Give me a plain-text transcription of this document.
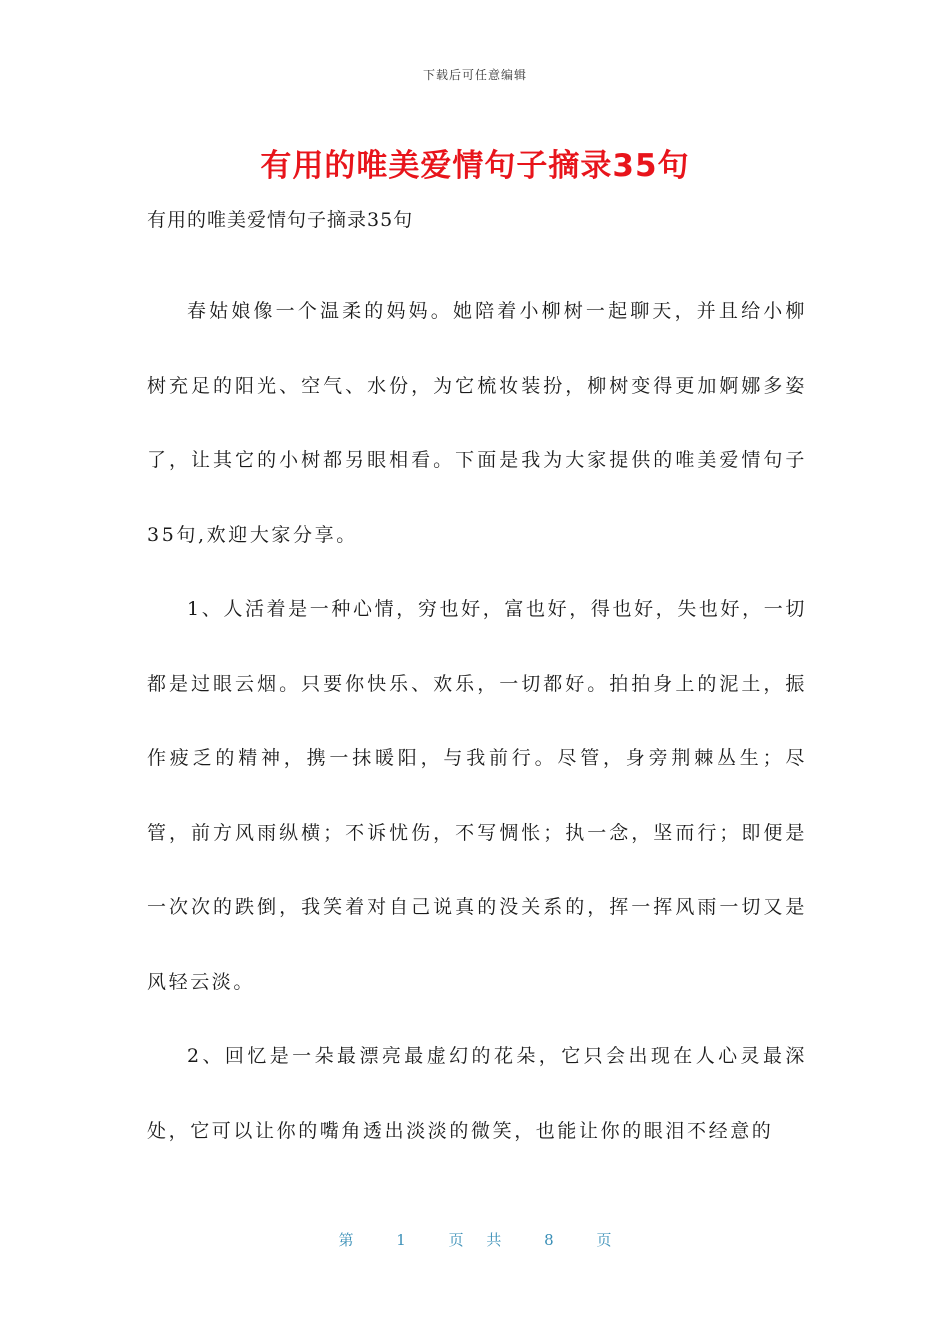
下载后可任意编辑
有用的唯美爱情句子摘录35句

有用的唯美爱情句子摘录35句

春姑娘像一个温柔的妈妈。她陪着小柳树一起聊天，并且给小柳树充足的阳光、空气、水份，为它梳妆装扮，柳树变得更加婀娜多姿了，让其它的小树都另眼相看。下面是我为大家提供的唯美爱情句子35句,欢迎大家分享。

1、人活着是一种心情，穷也好，富也好，得也好，失也好，一切都是过眼云烟。只要你快乐、欢乐，一切都好。拍拍身上的泥土，振作疲乏的精神，携一抹暖阳，与我前行。尽管，身旁荆棘丛生；尽管，前方风雨纵横；不诉忧伤，不写惆怅；执一念，坚而行；即便是一次次的跌倒，我笑着对自己说真的没关系的，挥一挥风雨一切又是风轻云淡。

2、回忆是一朵最漂亮最虚幻的花朵，它只会出现在人心灵最深处，它可以让你的嘴角透出淡淡的微笑，也能让你的眼泪不经意的

第	1	页 共	8	页
